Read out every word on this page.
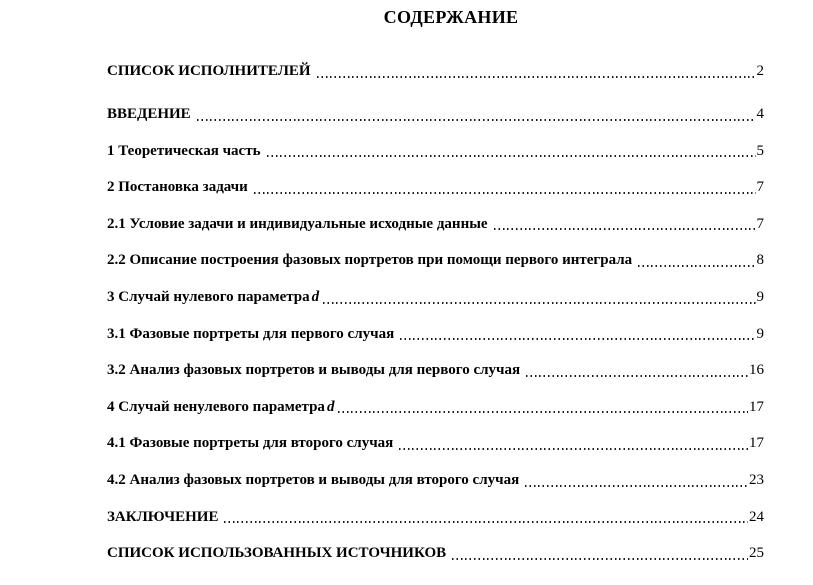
СОДЕРЖАНИЕ
СПИСОК ИСПОЛНИТЕЛЕЙ	2
ВВЕДЕНИЕ	4
1 Теоретическая часть	5
2 Постановка задачи	7
2.1 Условие задачи и индивидуальные исходные данные	7
2.2 Описание построения фазовых портретов при помощи первого интеграла	8
3 Случай нулевого параметра d	9
3.1 Фазовые портреты для первого случая	9
3.2 Анализ фазовых портретов и выводы для первого случая	16
4 Случай ненулевого параметра d	17
4.1 Фазовые портреты для второго случая	17
4.2 Анализ фазовых портретов и выводы для второго случая	23
ЗАКЛЮЧЕНИЕ	24
СПИСОК ИСПОЛЬЗОВАННЫХ ИСТОЧНИКОВ	25
